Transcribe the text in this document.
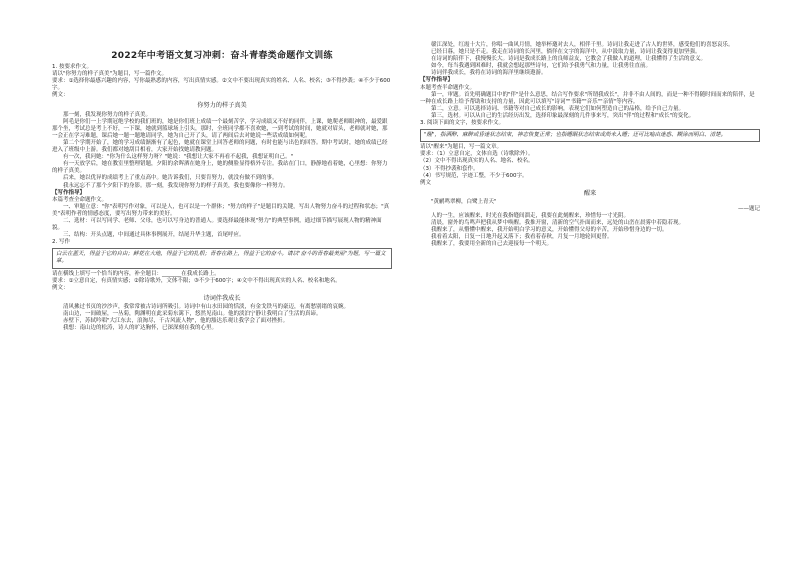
2022年中考语文复习冲刺：奋斗青春类命题作文训练

1. 按要求作文。

请以"你努力的样子真美"为题目，写一篇作文。

要求：①选择你最感兴趣的内容，写你最熟悉的内容，写出真情实感。②文中不要出现真实的姓名、人名、校名；③不得抄袭；④不少于600字。

例文：

你努力的样子真美

那一刻，我发现你努力的样子真美。

阿毛是你们一上学期冠绝学校的我们班的，她是你们班上成绩一个最刻苦学，学习成绩又不好的同伴，上课，她爬老师眼神的，最爱跟那个坐，考试总是考上不好，一下课，她就到篮球场上引头，那时，全班同学都不喜欢她，一到考试的时间，她就对眉头，老师就对她，那一会正在学习难题，课后她一题一题地请同学，她为自己开了头，请了两间后去对她说一些话成绩如何呢。

第二个学期开始了，她的学习成绩渐渐有了起色，她就在课堂上回答老师的问题，有时也能与出色的回答。期中考试时，她的成绩已经进入了班级中上游。我们都对她刮目相看，大家开始找她请教问题。

有一次，我问她："你为什么这样努力呀？"她说："我想让大家不再看不起我，我想证明自己。"

有一天放学后，她在教室里整理错题，夕阳的余晖洒在她身上，她的侧脸显得格外专注。我站在门口，静静地看着她，心里想：你努力的样子真美。

后来，她以优异的成绩考上了重点高中。她告诉我们，只要肯努力，就没有做不到的事。

我永远忘不了那个夕阳下的身影。那一刻，我发现你努力的样子真美，我也要像你一样努力。

【写作指导】

本篇考查全命题作文。

一、审题立意："你"表明写作对象，可以是人，也可以是一个群体；"努力的样子"是题目的关键，写出人物努力奋斗的过程和状态；"真美"表明作者的情感态度，要写出努力带来的美好。

二、选材：可以写同学、老师、父母，也可以写身边的普通人。要选择最能体现"努力"的典型事例，通过细节描写展现人物的精神面貌。

三、结构：开头点题，中间通过具体事例展开，结尾升华主题，首尾呼应。

2. 写作

白云在蓝天，得益于它的自由；鲜花在大地，得益于它的扎根；青春在路上，得益于它的奋斗。请以"奋斗的青春最美丽"为题，写一篇文章。

请在横线上填写一个恰当的内容，补全题目：_______在我成长路上。

要求：①立意自定，有真情实感；②除诗歌外，文体不限；③不少于600字；④文中不得出现真实的人名、校名和地名。

例文：

诗词伴我成长

清风拂过书页的沙沙声，我常常被古诗词所吸引。诗词中有山水田园的恬淡，有金戈铁马的豪迈，有离愁别绪的哀婉。

南山边，一间破屋，一丛菊，陶渊明在此采菊东篱下，悠然见南山。他的淡泊宁静让我明白了生活的真谛。

赤壁下，苏轼吟唱"大江东去，浪淘尽，千古风流人物"，他的豁达乐观让我学会了面对挫折。

我想：南山边的松涛，诗人的旷达胸怀，已深深刻在我的心里。

赣江深处，红霞十大片，你唱一曲风月情，她举杯邀对去人，相伴千里。诗词让我走进了古人的世界，感受他们的喜怒哀乐。

已经日暮，她只是不走。我走在诗词的长河里，徜徉在文字的海洋中，从中汲取力量，诗词让我变得更加坚强。

在诗词的陪伴下，我慢慢长大。诗词是我成长路上的良师益友，它教会了我做人的道理，让我懂得了生活的意义。

如今，每当我遇到困难时，我就会想起那些诗句，它们给予我勇气和力量，让我勇往直前。

诗词伴我成长，我将在诗词的海洋里继续遨游。

【写作指导】

本题考查半命题作文。

第一，审题。首先明确题目中的"伴"是什么意思，结合写作要求"所谓我成长"，并非不由人间的，而是一种不得随时间而来的陪伴，是一种在成长路上给予帮助和支持的力量，因此可以填写"诗词""书籍""音乐""亲情"等内容。

第二，立意。可以选择诗词、书籍等对自己成长的影响，表现它们如何塑造自己的品格，给予自己力量。

第三，选材。可以从自己的生活经历出发，选择印象最深刻的几件事来写，突出"伴"的过程和"成长"的变化。

3. 阅读下面的文字，按要求作文。

"醒"，指酒醉、麻醉或昏迷状态结束，神志恢复正常；也指睡眠状态结束或尚未入睡；还可比喻由迷惑、糊涂而明白、清楚。

请以"醒来"为题目，写一篇文章。

要求：（1）立意自定，文体自选（诗歌除外）。

（2）文中不得出现真实的人名、地名、校名。

（3）不得抄袭和套作。

（4）书写规范，字迹工整，不少于600字。

例文

醒来

"黄鹂鸣翠柳，白鹭上青天"

——题记

人的一生，应该醒来，时光在我指缝间溜走，我要在此刻醒来，珍惜每一寸光阴。

清晨，窗外的鸟鸣声把我从梦中唤醒。我推开窗，清新的空气扑面而来，远处的山峦在晨雾中若隐若现。

我醒来了，从懵懂中醒来，我开始明白学习的意义，开始懂得父母的辛苦，开始珍惜身边的一切。

我看着太阳，日复一日地升起又落下；我看着春秋，月复一月地轮回更替。

我醒来了，我要用全新的自己去迎接每一个明天。
